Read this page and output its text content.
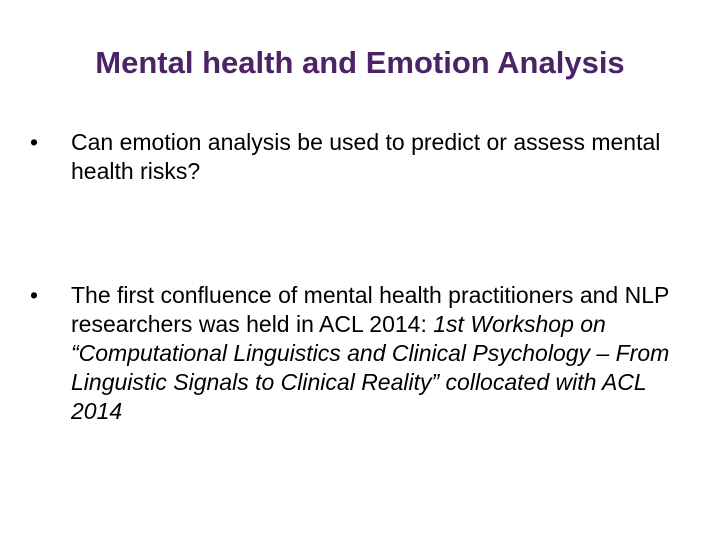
Mental health and Emotion Analysis
•	Can emotion analysis be used to predict or assess mental health risks?
•	The first confluence of mental health practitioners and NLP researchers was held in ACL 2014: 1st Workshop on “Computational Linguistics and Clinical Psychology – From Linguistic Signals to Clinical Reality” collocated with ACL 2014
